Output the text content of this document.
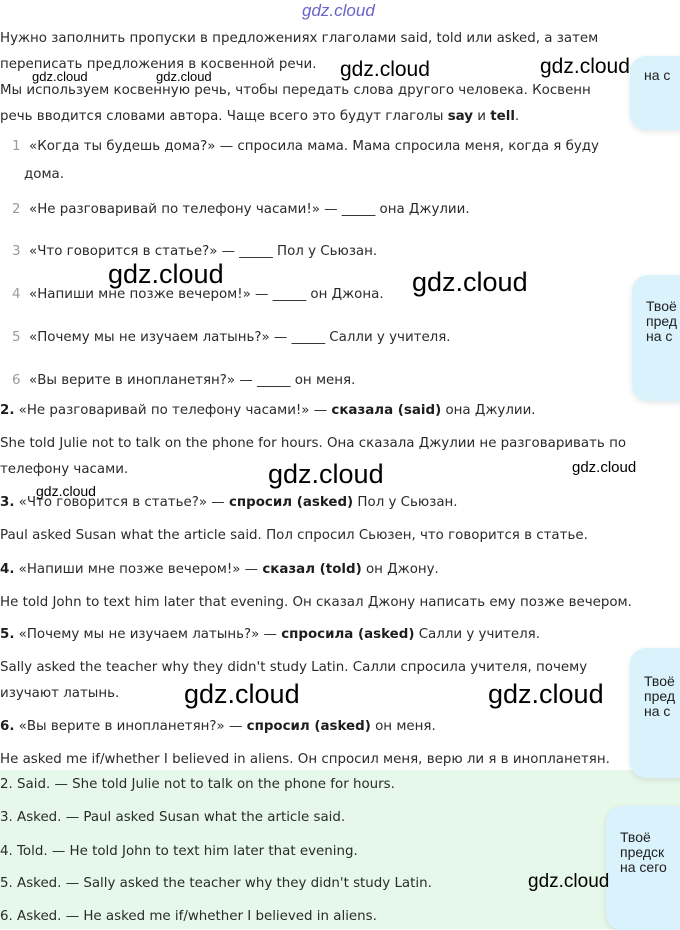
Нужно заполнить пропуски в предложениях глаголами said, told или asked, а затем
переписать предложения в косвенной речи.
Мы используем косвенную речь, чтобы передать слова другого человека. Косвенн
речь вводится словами автора. Чаще всего это будут глаголы say и tell.
1 «Когда ты будешь дома?» — спросила мама. Мама спросила меня, когда я буду
дома.
2 «Не разговаривай по телефону часами!» — _____ она Джулии.
3 «Что говорится в статье?» — _____ Пол у Сьюзан.
4 «Напиши мне позже вечером!» — _____ он Джона.
5 «Почему мы не изучаем латынь?» — _____ Салли у учителя.
6 «Вы верите в инопланетян?» — _____ он меня.
2. «Не разговаривай по телефону часами!» — сказала (said) она Джулии.
She told Julie not to talk on the phone for hours. Она сказала Джулии не разговаривать по
телефону часами.
3. «Что говорится в статье?» — спросил (asked) Пол у Сьюзан.
Paul asked Susan what the article said. Пол спросил Сьюзен, что говорится в статье.
4. «Напиши мне позже вечером!» — сказал (told) он Джону.
He told John to text him later that evening. Он сказал Джону написать ему позже вечером.
5. «Почему мы не изучаем латынь?» — спросила (asked) Салли у учителя.
Sally asked the teacher why they didn't study Latin. Салли спросила учителя, почему
изучают латынь.
6. «Вы верите в инопланетян?» — спросил (asked) он меня.
He asked me if/whether I believed in aliens. Он спросил меня, верю ли я в инопланетян.
2. Said. — She told Julie not to talk on the phone for hours.
3. Asked. — Paul asked Susan what the article said.
4. Told. — He told John to text him later that evening.
5. Asked. — Sally asked the teacher why they didn't study Latin.
6. Asked. — He asked me if/whether I believed in aliens.
на с
Твоё
пред
на с
Твоё
пред
на с
Твоё
предск
на сего
gdz.cloud
gdz.cloud	gdz.cloud
gdz.cloud	gdz.cloud
gdz.cloud	gdz.cloud
gdz.cloud
gdz.cloud
gdz.cloud
gdz.cloud	gdz.cloud
gdz.cloud
